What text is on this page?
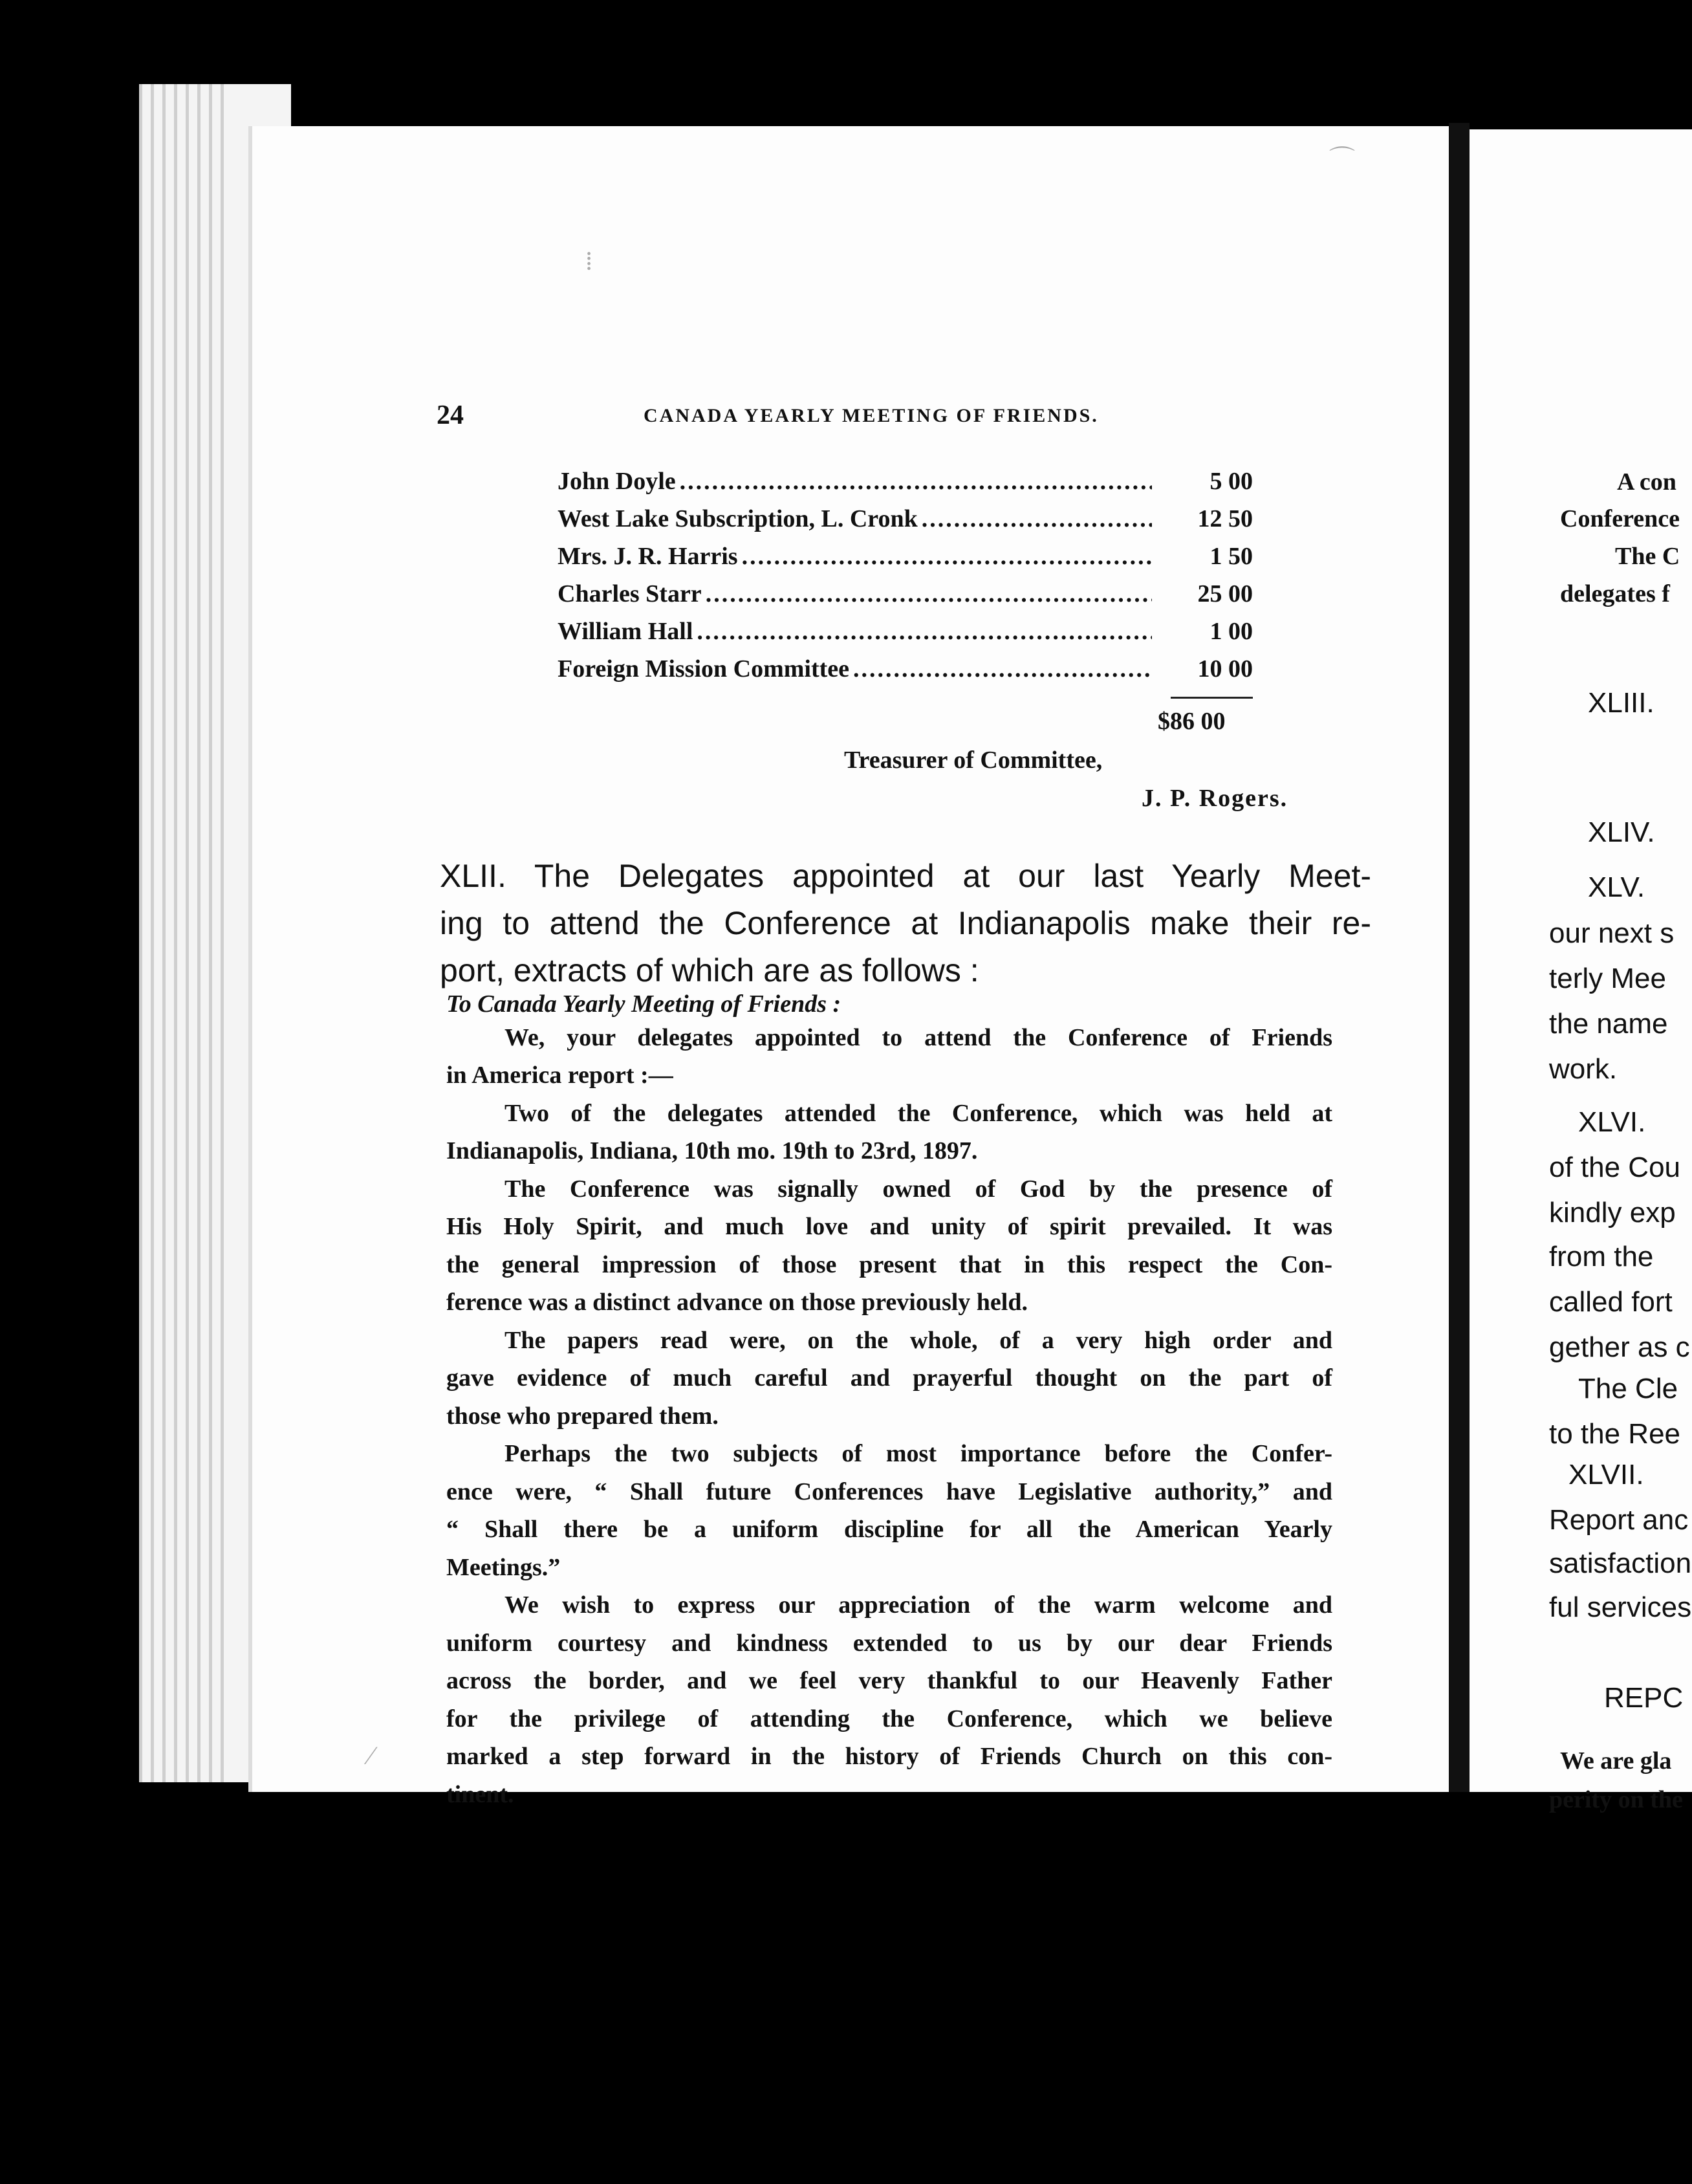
24	CANADA YEARLY MEETING OF FRIENDS.
John Doyle .....	5 00
West Lake Subscription, L. Cronk .....	12 50
Mrs. J. R. Harris .....	1 50
Charles Starr .....	25 00
William Hall .....	1 00
Foreign Mission Committee .....	10 00
$86 00
Treasurer of Committee,
J. P. Rogers.
XLII. The Delegates appointed at our last Yearly Meet-
ing to attend the Conference at Indianapolis make their re-
port, extracts of which are as follows :
To Canada Yearly Meeting of Friends :
We, your delegates appointed to attend the Conference of Friends
in America report :—
Two of the delegates attended the Conference, which was held at
Indianapolis, Indiana, 10th mo. 19th to 23rd, 1897.
The Conference was signally owned of God by the presence of
His Holy Spirit, and much love and unity of spirit prevailed. It was
the general impression of those present that in this respect the Con-
ference was a distinct advance on those previously held.
The papers read were, on the whole, of a very high order and
gave evidence of much careful and prayerful thought on the part of
those who prepared them.
Perhaps the two subjects of most importance before the Confer-
ence were, “ Shall future Conferences have Legislative authority,” and
“ Shall there be a uniform discipline for all the American Yearly
Meetings.”
We wish to express our appreciation of the warm welcome and
uniform courtesy and kindness extended to us by our dear Friends
across the border, and we feel very thankful to our Heavenly Father
for the privilege of attending the Conference, which we believe
marked a step forward in the history of Friends Church on this con-
tinent.
A con
Conference
The C
delegates f
XLIII.
XLIV.
XLV.
our next s
terly Mee
the name
work.
XLVI.
of the Cou
kindly exp
from the
called fort
gether as c
The Cle
to the Ree
XLVII.
Report anc
satisfaction
ful services
REPC
We are gla
perity on the
⌒
⁞
⁄
